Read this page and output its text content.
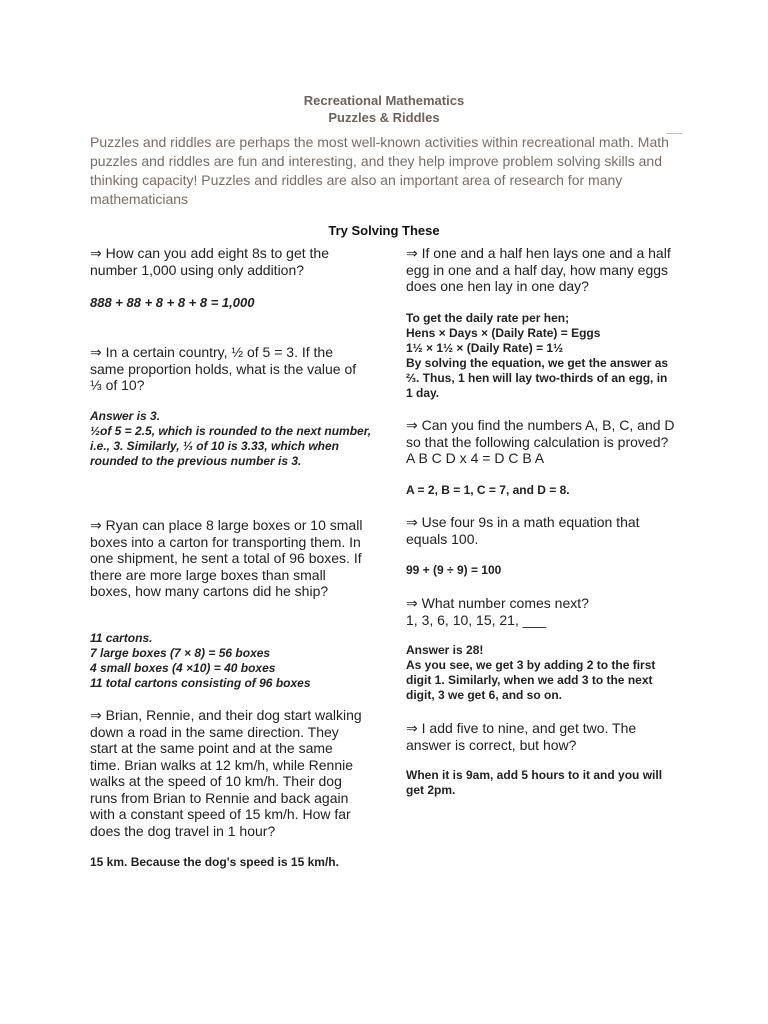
Recreational Mathematics
Puzzles & Riddles
Puzzles and riddles are perhaps the most well-known activities within recreational math. Math puzzles and riddles are fun and interesting, and they help improve problem solving skills and thinking capacity! Puzzles and riddles are also an important area of research for many mathematicians
Try Solving These
⇒ How can you add eight 8s to get the number 1,000 using only addition?
888 + 88 + 8 + 8 + 8 = 1,000
⇒ In a certain country, ½ of 5 = 3. If the same proportion holds, what is the value of ⅓ of 10?
Answer is 3.
½of 5 = 2.5, which is rounded to the next number, i.e., 3. Similarly, ⅓ of 10 is 3.33, which when rounded to the previous number is 3.
⇒ Ryan can place 8 large boxes or 10 small boxes into a carton for transporting them. In one shipment, he sent a total of 96 boxes. If there are more large boxes than small boxes, how many cartons did he ship?
11 cartons.
7 large boxes (7 × 8) = 56 boxes
4 small boxes (4 ×10) = 40 boxes
11 total cartons consisting of 96 boxes
⇒ Brian, Rennie, and their dog start walking down a road in the same direction. They start at the same point and at the same time. Brian walks at 12 km/h, while Rennie walks at the speed of 10 km/h. Their dog runs from Brian to Rennie and back again with a constant speed of 15 km/h. How far does the dog travel in 1 hour?
15 km. Because the dog's speed is 15 km/h.
⇒ If one and a half hen lays one and a half egg in one and a half day, how many eggs does one hen lay in one day?
To get the daily rate per hen;
Hens × Days × (Daily Rate) = Eggs
1½ × 1½ × (Daily Rate) = 1½
By solving the equation, we get the answer as ⅔. Thus, 1 hen will lay two-thirds of an egg, in 1 day.
⇒ Can you find the numbers A, B, C, and D so that the following calculation is proved?
A B C D x 4 = D C B A
A = 2, B = 1, C = 7, and D = 8.
⇒ Use four 9s in a math equation that equals 100.
99 + (9 ÷ 9) = 100
⇒ What number comes next?
1, 3, 6, 10, 15, 21, ___
Answer is 28!
As you see, we get 3 by adding 2 to the first digit 1. Similarly, when we add 3 to the next digit, 3 we get 6, and so on.
⇒ I add five to nine, and get two. The answer is correct, but how?
When it is 9am, add 5 hours to it and you will get 2pm.
